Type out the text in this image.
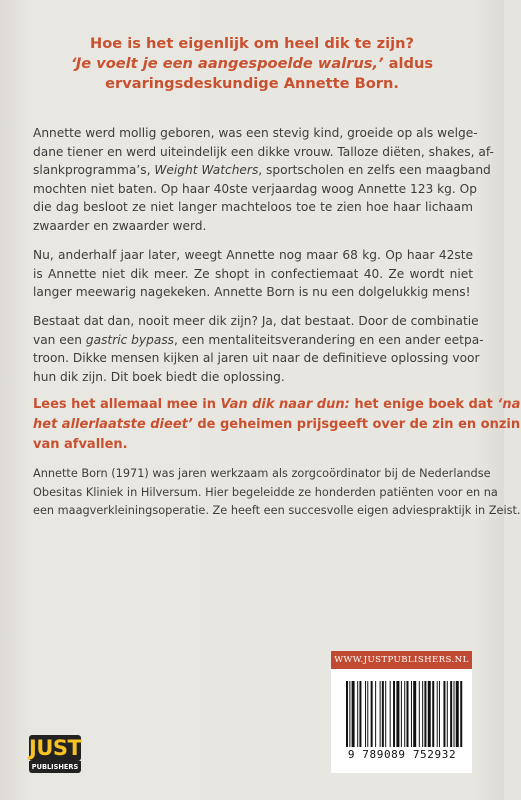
Hoe is het eigenlijk om heel dik te zijn?
‘Je voelt je een aangespoelde walrus,’ aldus
ervaringsdeskundige Annette Born.
Annette werd mollig geboren, was een stevig kind, groeide op als welge-
dane tiener en werd uiteindelijk een dikke vrouw. Talloze diëten, shakes, af-
slankprogramma’s, Weight Watchers, sportscholen en zelfs een maagband
mochten niet baten. Op haar 40ste verjaardag woog Annette 123 kg. Op
die dag besloot ze niet langer machteloos toe te zien hoe haar lichaam
zwaarder en zwaarder werd.
Nu, anderhalf jaar later, weegt Annette nog maar 68 kg. Op haar 42ste
is Annette niet dik meer. Ze shopt in confectiemaat 40. Ze wordt niet
langer meewarig nagekeken. Annette Born is nu een dolgelukkig mens!
Bestaat dat dan, nooit meer dik zijn? Ja, dat bestaat. Door de combinatie
van een gastric bypass, een mentaliteitsverandering en een ander eetpa-
troon. Dikke mensen kijken al jaren uit naar de definitieve oplossing voor
hun dik zijn. Dit boek biedt die oplossing.
Lees het allemaal mee in Van dik naar dun: het enige boek dat ‘na
het allerlaatste dieet’ de geheimen prijsgeeft over de zin en onzin
van afvallen.
Annette Born (1971) was jaren werkzaam als zorgcoördinator bij de Nederlandse
Obesitas Kliniek in Hilversum. Hier begeleidde ze honderden patiënten voor en na
een maagverkleiningsoperatie. Ze heeft een succesvolle eigen adviespraktijk in Zeist.
WWW.JUSTPUBLISHERS.NL
9 789089 752932
JUST
PUBLISHERS
